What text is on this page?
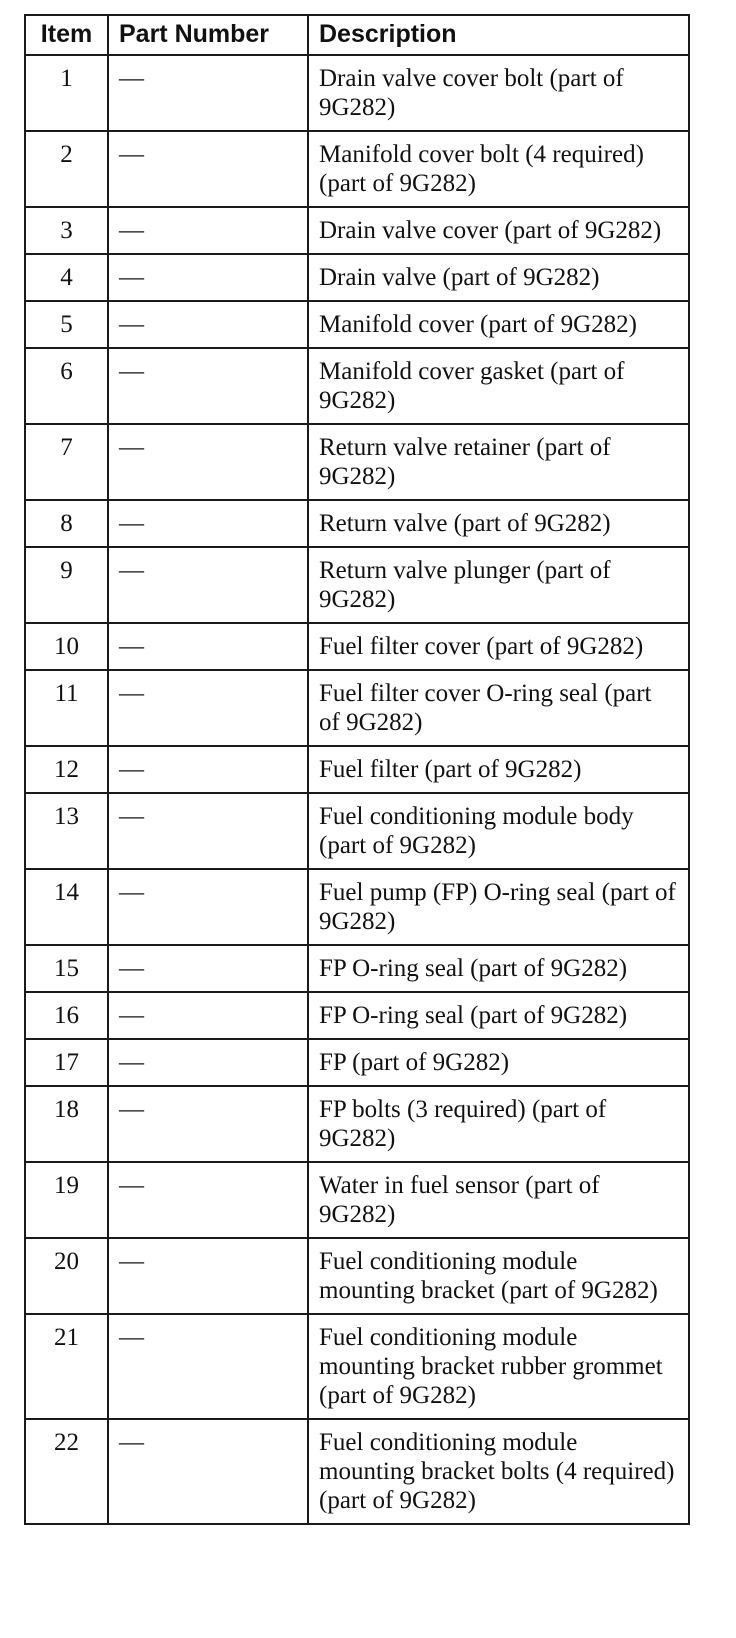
Item	Part Number	Description
1	—	Drain valve cover bolt (part of 9G282)
2	—	Manifold cover bolt (4 required) (part of 9G282)
3	—	Drain valve cover (part of 9G282)
4	—	Drain valve (part of 9G282)
5	—	Manifold cover (part of 9G282)
6	—	Manifold cover gasket (part of 9G282)
7	—	Return valve retainer (part of 9G282)
8	—	Return valve (part of 9G282)
9	—	Return valve plunger (part of 9G282)
10	—	Fuel filter cover (part of 9G282)
11	—	Fuel filter cover O-ring seal (part of 9G282)
12	—	Fuel filter (part of 9G282)
13	—	Fuel conditioning module body (part of 9G282)
14	—	Fuel pump (FP) O-ring seal (part of 9G282)
15	—	FP O-ring seal (part of 9G282)
16	—	FP O-ring seal (part of 9G282)
17	—	FP (part of 9G282)
18	—	FP bolts (3 required) (part of 9G282)
19	—	Water in fuel sensor (part of 9G282)
20	—	Fuel conditioning module mounting bracket (part of 9G282)
21	—	Fuel conditioning module mounting bracket rubber grommet (part of 9G282)
22	—	Fuel conditioning module mounting bracket bolts (4 required) (part of 9G282)
